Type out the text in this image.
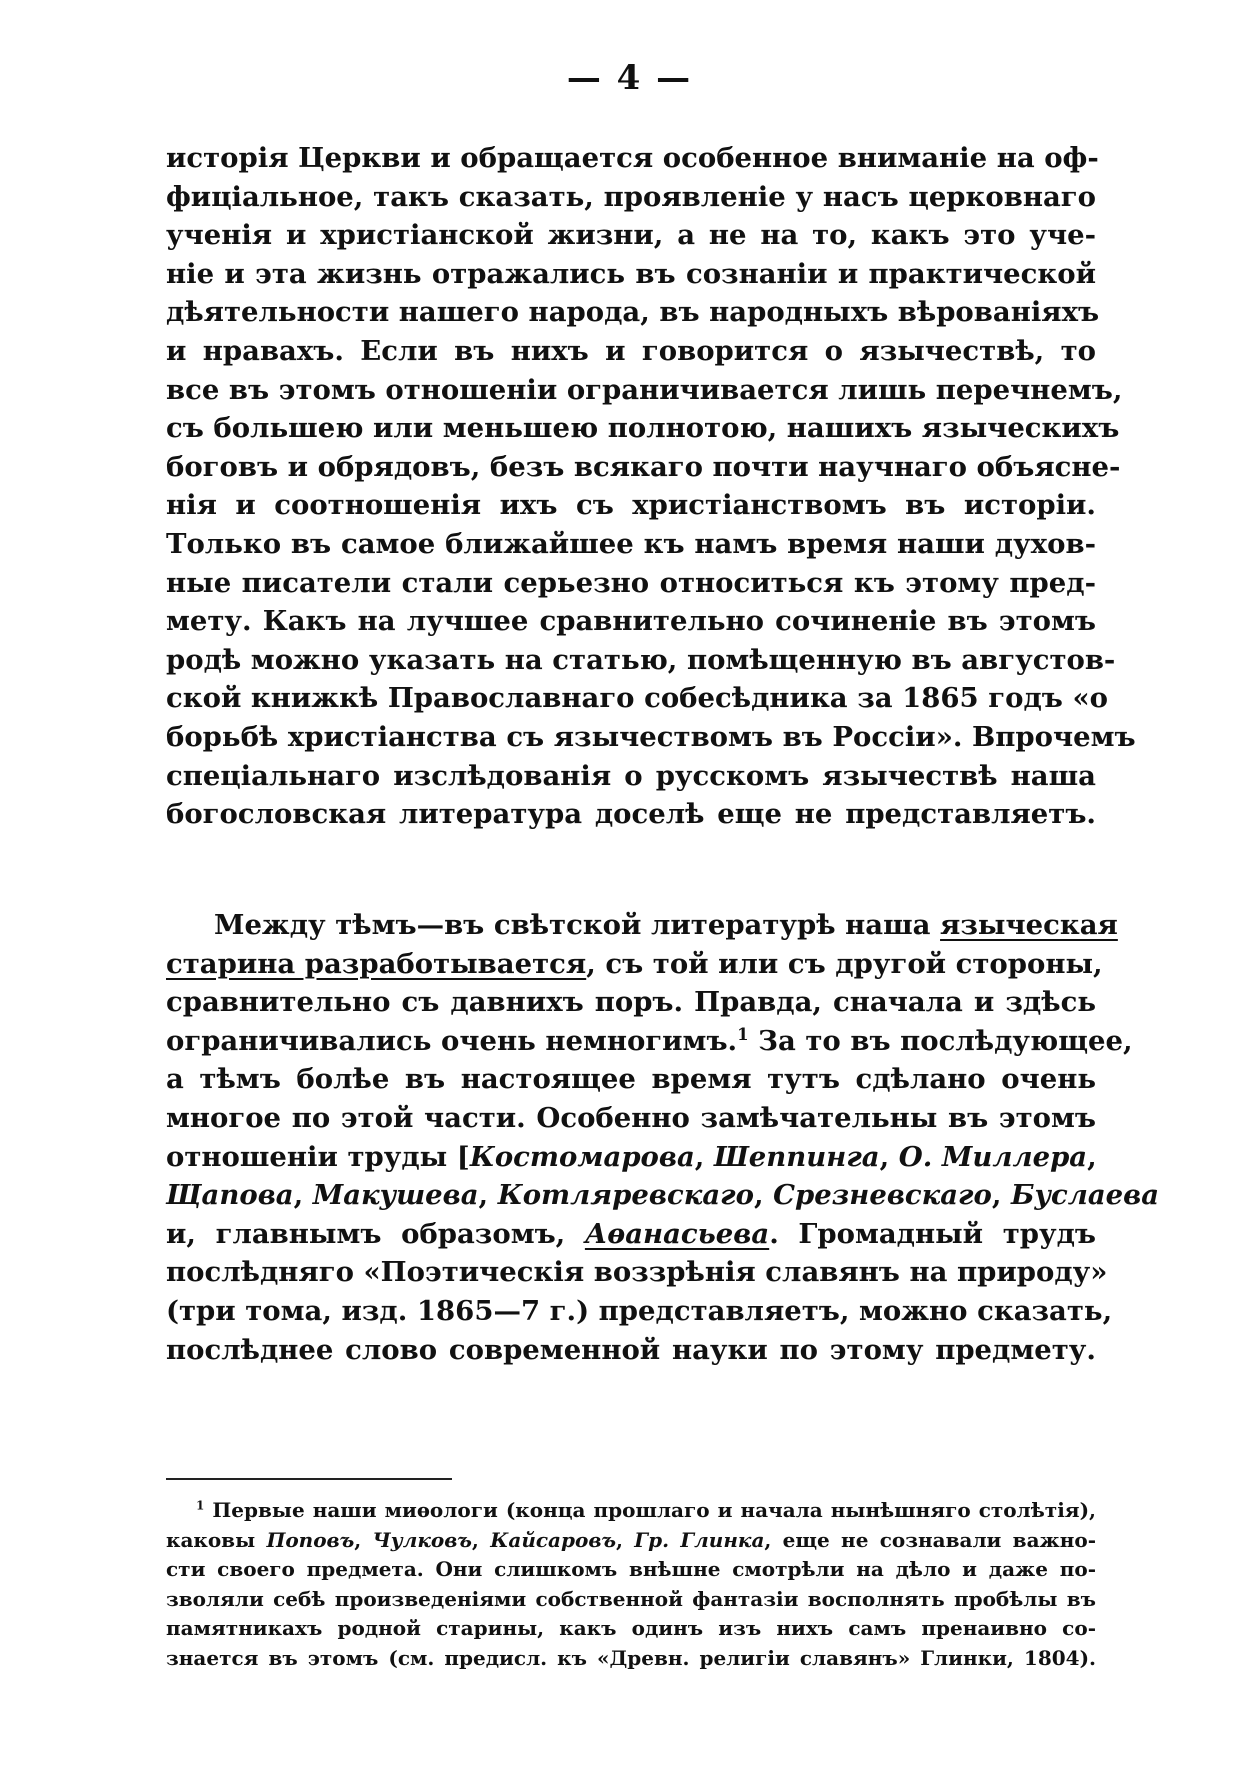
— 4 —
исторія Церкви и обращается особенное вниманіе на оф-
фиціальное, такъ сказать, проявленіе у насъ церковнаго
ученія и христіанской жизни, а не на то, какъ это уче-
ніе и эта жизнь отражались въ сознаніи и практической
дѣятельности нашего народа, въ народныхъ вѣрованіяхъ
и нравахъ. Если въ нихъ и говорится о язычествѣ, то
все въ этомъ отношеніи ограничивается лишь перечнемъ,
съ большею или меньшею полнотою, нашихъ языческихъ
боговъ и обрядовъ, безъ всякаго почти научнаго объясне-
нія и соотношенія ихъ съ христіанствомъ въ исторіи.
Только въ самое ближайшее къ намъ время наши духов-
ные писатели стали серьезно относиться къ этому пред-
мету. Какъ на лучшее сравнительно сочиненіе въ этомъ
родѣ можно указать на статью, помѣщенную въ августов-
ской книжкѣ Православнаго собесѣдника за 1865 годъ «о
борьбѣ христіанства съ язычествомъ въ Россіи». Впрочемъ
спеціальнаго изслѣдованія о русскомъ язычествѣ наша
богословская литература доселѣ еще не представляетъ.
Между тѣмъ—въ свѣтской литературѣ наша языческая
старина разработывается, съ той или съ другой стороны,
сравнительно съ давнихъ поръ. Правда, сначала и здѣсь
ограничивались очень немногимъ.$^1$ За то въ послѣдующее,
а тѣмъ болѣе въ настоящее время тутъ сдѣлано очень
многое по этой части. Особенно замѣчательны въ этомъ
отношеніи труды [Костомарова, Шеппинга, О. Миллера,
Щапова, Макушева, Котляревскаго, Срезневскаго, Буслаева
и, главнымъ образомъ, Аѳанасьева. Громадный трудъ
послѣдняго «Поэтическія воззрѣнія славянъ на природу»
(три тома, изд. 1865—7 г.) представляетъ, можно сказать,
послѣднее слово современной науки по этому предмету.
$^1$ Первые наши миѳологи (конца прошлаго и начала нынѣшняго столѣтія),
каковы Поповъ, Чулковъ, Кайсаровъ, Гр. Глинка, еще не сознавали важно-
сти своего предмета. Они слишкомъ внѣшне смотрѣли на дѣло и даже по-
зволяли себѣ произведеніями собственной фантазіи восполнять пробѣлы въ
памятникахъ родной старины, какъ одинъ изъ нихъ самъ пренаивно со-
знается въ этомъ (см. предисл. къ «Древн. религіи славянъ» Глинки, 1804).
